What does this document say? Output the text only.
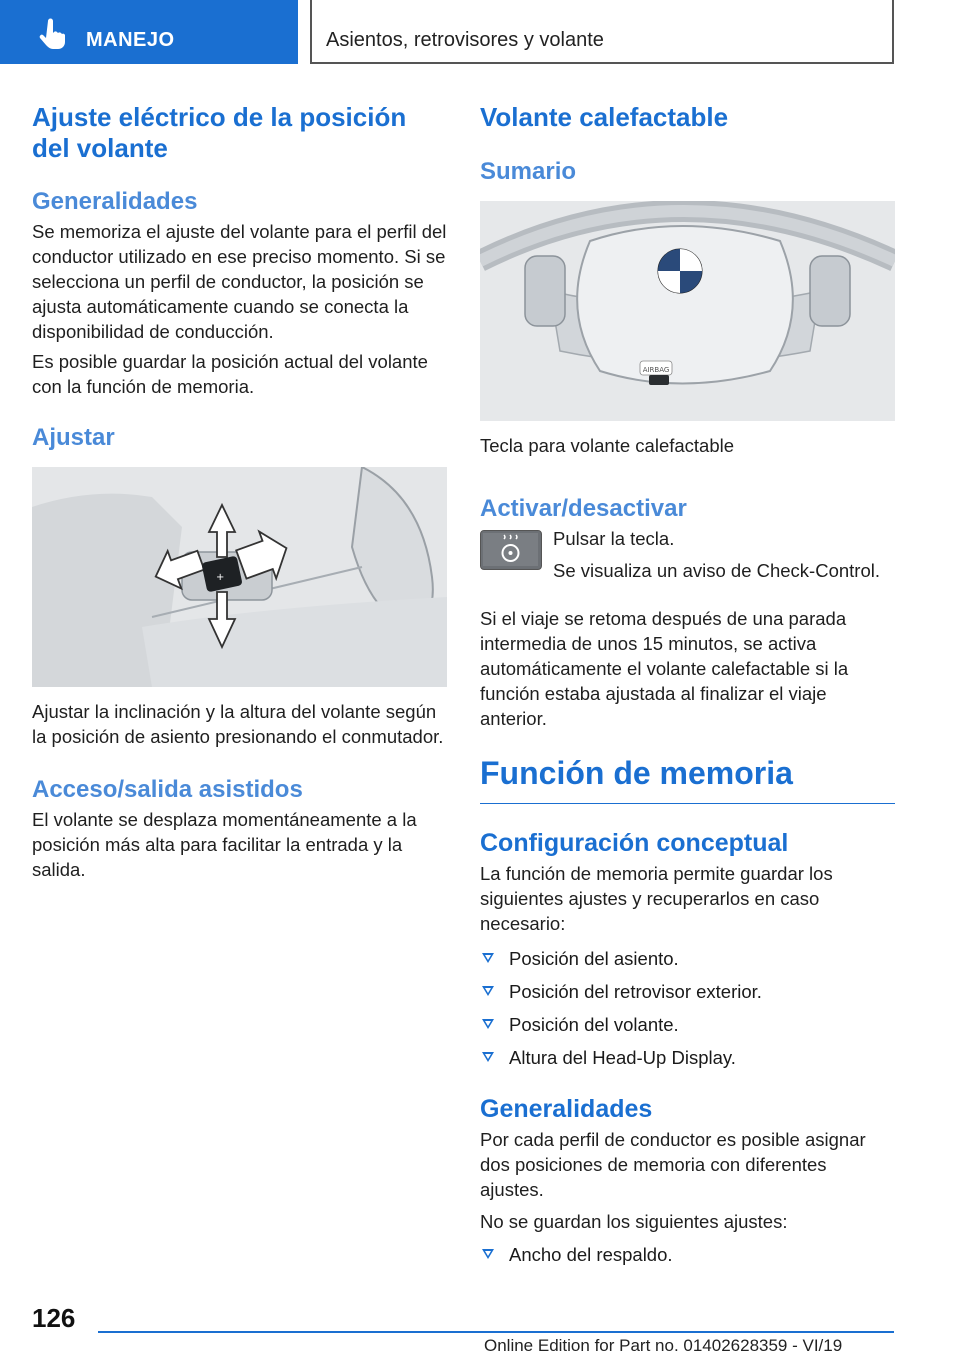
MANEJO	Asientos, retrovisores y volante
Ajuste eléctrico de la posición del volante
Generalidades

Se memoriza el ajuste del volante para el perfil del conductor utilizado en ese preciso momento. Si se selecciona un perfil de conductor, la posición se ajusta automáticamente cuando se conecta la disponibilidad de conducción.

Es posible guardar la posición actual del volante con la función de memoria.

Ajustar
+
Ajustar la inclinación y la altura del volante según la posición de asiento presionando el conmutador.
Acceso/salida asistidos

El volante se desplaza momentáneamente a la posición más alta para facilitar la entrada y la salida.

Volante calefactable
Sumario
AIRBAG
Tecla para volante calefactable
Activar/desactivar

Pulsar la tecla.

Se visualiza un aviso de Check-Control.

Si el viaje se retoma después de una parada intermedia de unos 15 minutos, se activa automáticamente el volante calefactable si la función estaba ajustada al finalizar el viaje anterior.

Función de memoria
Configuración conceptual

La función de memoria permite guardar los siguientes ajustes y recuperarlos en caso necesario:

Posición del asiento.
Posición del retrovisor exterior.
Posición del volante.
Altura del Head-Up Display.
Generalidades

Por cada perfil de conductor es posible asignar dos posiciones de memoria con diferentes ajustes.

No se guardan los siguientes ajustes:

Ancho del respaldo.
126
Online Edition for Part no. 01402628359 - VI/19
